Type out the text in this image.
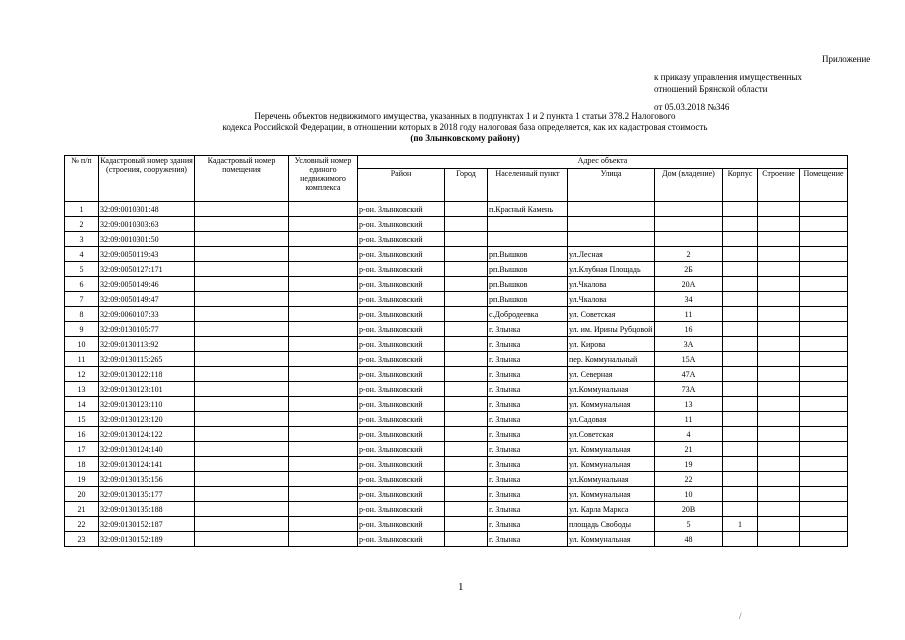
Приложение
к приказу управления имущественных
отношений Брянской области
от 05.03.2018 №346
Перечень объектов недвижимого имущества, указанных в подпунктах 1 и 2 пункта 1 статьи 378.2 Налогового
кодекса Российской Федерации, в отношении которых в 2018 году налоговая база определяется, как их кадастровая стоимость
(по Злынковскому району)
№ п/п	Кадастровый номер здания (строения, сооружения)	Кадастровый номер помещения	Условный номер единого недвижимого комплекса	Адрес объекта							
				Район	Город	Населенный пункт	Улица	Дом (владение)	Корпус	Строение	Помещение
1	32:09:0010301:48			р-он. Злынковский		п.Красный Камень					
2	32:09:0010303:63			р-он. Злынковский							
3	32:09:0010301:50			р-он. Злынковский							
4	32:09:0050119:43			р-он. Злынковский		рп.Вышков	ул.Лесная	2			
5	32:09:0050127:171			р-он. Злынковский		рп.Вышков	ул.Клубная Площадь	2Б			
6	32:09:0050149:46			р-он. Злынковский		рп.Вышков	ул.Чкалова	20А			
7	32:09:0050149:47			р-он. Злынковский		рп.Вышков	ул.Чкалова	34			
8	32:09:0060107:33			р-он. Злынковский		с.Добродеевка	ул. Советская	11			
9	32:09:0130105:77			р-он. Злынковский		г. Злынка	ул. им. Ирины Рубцовой	16			
10	32:09:0130113:92			р-он. Злынковский		г. Злынка	ул. Кирова	3А			
11	32:09:0130115:265			р-он. Злынковский		г. Злынка	пер. Коммунальный	15А			
12	32:09:0130122:118			р-он. Злынковский		г. Злынка	ул. Северная	47А			
13	32:09:0130123:101			р-он. Злынковский		г. Злынка	ул.Коммунальная	73А			
14	32:09:0130123:110			р-он. Злынковский		г. Злынка	ул. Коммунальная	13			
15	32:09:0130123:120			р-он. Злынковский		г. Злынка	ул.Садовая	11			
16	32:09:0130124:122			р-он. Злынковский		г. Злынка	ул.Советская	4			
17	32:09:0130124:140			р-он. Злынковский		г. Злынка	ул. Коммунальная	21			
18	32:09:0130124:141			р-он. Злынковский		г. Злынка	ул. Коммунальная	19			
19	32:09:0130135:156			р-он. Злынковский		г. Злынка	ул.Коммунальная	22			
20	32:09:0130135:177			р-он. Злынковский		г. Злынка	ул. Коммунальная	10			
21	32:09:0130135:188			р-он. Злынковский		г. Злынка	ул. Карла Маркса	20В			
22	32:09:0130152:187			р-он. Злынковский		г. Злынка	площадь Свободы	5	1		
23	32:09:0130152:189			р-он. Злынковский		г. Злынка	ул. Коммунальная	48			
1
/
